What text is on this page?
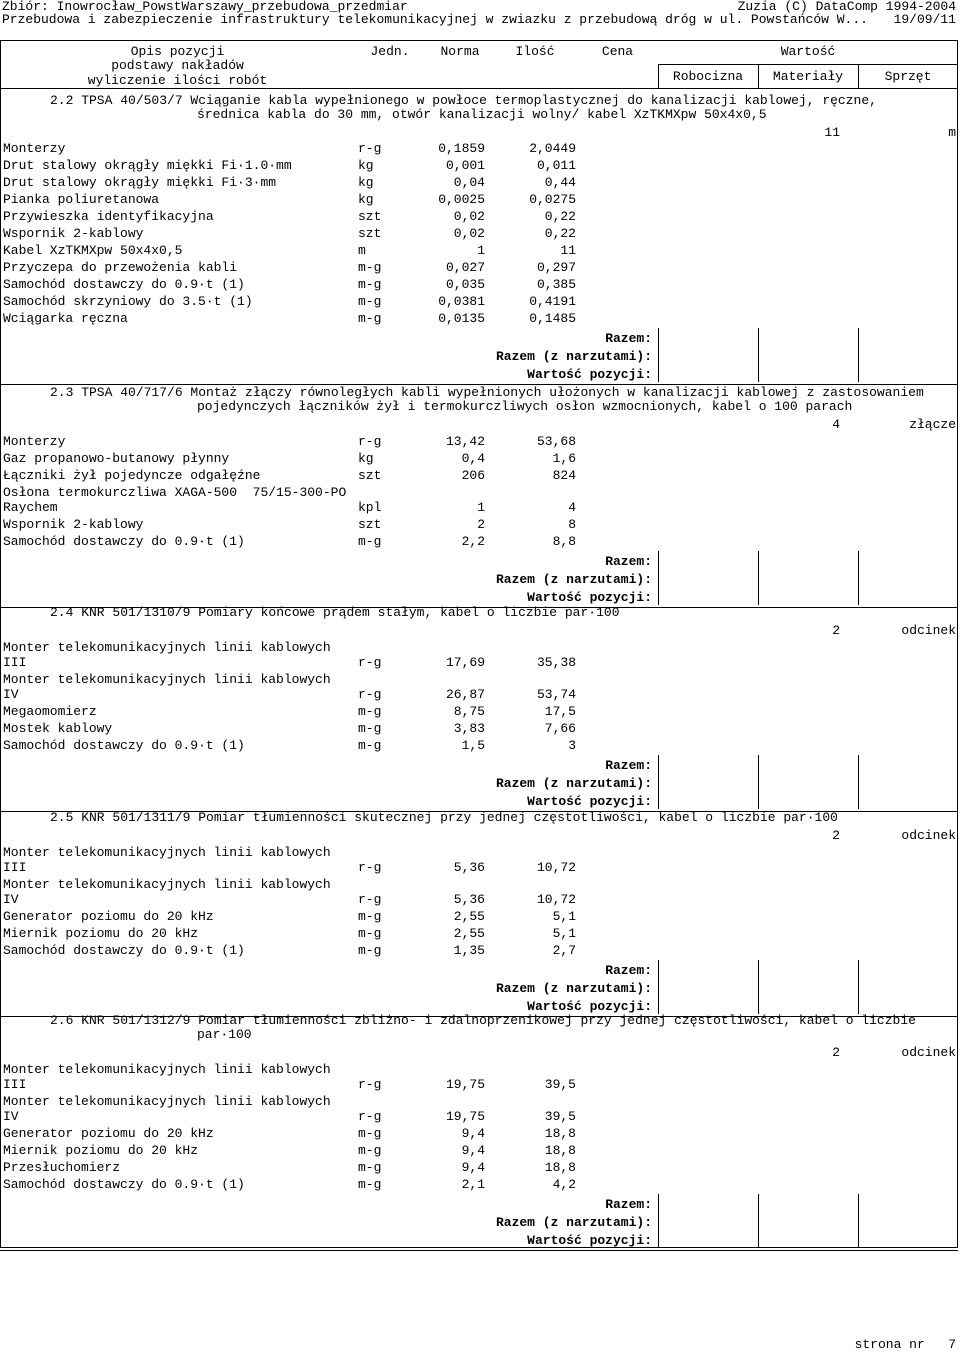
Zbiór: Inowrocław_PowstWarszawy_przebudowa_przedmiar	Zuzia (C) DataComp 1994-2004
Przebudowa i zabezpieczenie infrastruktury telekomunikacyjnej w zwiazku z przebudową dróg w ul. Powstańców W... 19/09/11
Opis pozycji
podstawy nakładów
wyliczenie ilości robót
Jedn.	Norma	Ilość	Cena	Wartość
Robocizna	Materiały	Sprzęt
2.2 TPSA 40/503/7 Wciąganie kabla wypełnionego w powłoce termoplastycznej do kanalizacji kablowej, ręczne,
średnica kabla do 30 mm, otwór kanalizacji wolny/ kabel XzTKMXpw 50x4x0,5
11	m
Monterzy	r-g	0,1859	2,0449
Drut stalowy okrągły miękki Fi·1.0·mm	kg	0,001	0,011
Drut stalowy okrągły miękki Fi·3·mm	kg	0,04	0,44
Pianka poliuretanowa	kg	0,0025	0,0275
Przywieszka identyfikacyjna	szt	0,02	0,22
Wspornik 2-kablowy	szt	0,02	0,22
Kabel XzTKMXpw 50x4x0,5	m	1	11
Przyczepa do przewożenia kabli	m-g	0,027	0,297
Samochód dostawczy do 0.9·t (1)	m-g	0,035	0,385
Samochód skrzyniowy do 3.5·t (1)	m-g	0,0381	0,4191
Wciągarka ręczna	m-g	0,0135	0,1485
Razem:
Razem (z narzutami):
Wartość pozycji:
2.3 TPSA 40/717/6 Montaż złączy równoległych kabli wypełnionych ułożonych w kanalizacji kablowej z zastosowaniem
pojedynczych łączników żył i termokurczliwych osłon wzmocnionych, kabel o 100 parach
4	złącze
Monterzy	r-g	13,42	53,68
Gaz propanowo-butanowy płynny	kg	0,4	1,6
Łączniki żył pojedyncze odgałęźne	szt	206	824
Osłona termokurczliwa XAGA-500  75/15-300-PO
Raychem	kpl	1	4
Wspornik 2-kablowy	szt	2	8
Samochód dostawczy do 0.9·t (1)	m-g	2,2	8,8
Razem:
Razem (z narzutami):
Wartość pozycji:
2.4 KNR 501/1310/9 Pomiary końcowe prądem stałym, kabel o liczbie par·100
2	odcinek
Monter telekomunikacyjnych linii kablowych
III	r-g	17,69	35,38
Monter telekomunikacyjnych linii kablowych
IV	r-g	26,87	53,74
Megaomomierz	m-g	8,75	17,5
Mostek kablowy	m-g	3,83	7,66
Samochód dostawczy do 0.9·t (1)	m-g	1,5	3
Razem:
Razem (z narzutami):
Wartość pozycji:
2.5 KNR 501/1311/9 Pomiar tłumienności skutecznej przy jednej częstotliwości, kabel o liczbie par·100
2	odcinek
Monter telekomunikacyjnych linii kablowych
III	r-g	5,36	10,72
Monter telekomunikacyjnych linii kablowych
IV	r-g	5,36	10,72
Generator poziomu do 20 kHz	m-g	2,55	5,1
Miernik poziomu do 20 kHz	m-g	2,55	5,1
Samochód dostawczy do 0.9·t (1)	m-g	1,35	2,7
Razem:
Razem (z narzutami):
Wartość pozycji:
2.6 KNR 501/1312/9 Pomiar tłumienności zbliżno- i zdalnoprzenikowej przy jednej częstotliwości, kabel o liczbie
par·100
2	odcinek
Monter telekomunikacyjnych linii kablowych
III	r-g	19,75	39,5
Monter telekomunikacyjnych linii kablowych
IV	r-g	19,75	39,5
Generator poziomu do 20 kHz	m-g	9,4	18,8
Miernik poziomu do 20 kHz	m-g	9,4	18,8
Przesłuchomierz	m-g	9,4	18,8
Samochód dostawczy do 0.9·t (1)	m-g	2,1	4,2
Razem:
Razem (z narzutami):
Wartość pozycji:
strona nr   7
